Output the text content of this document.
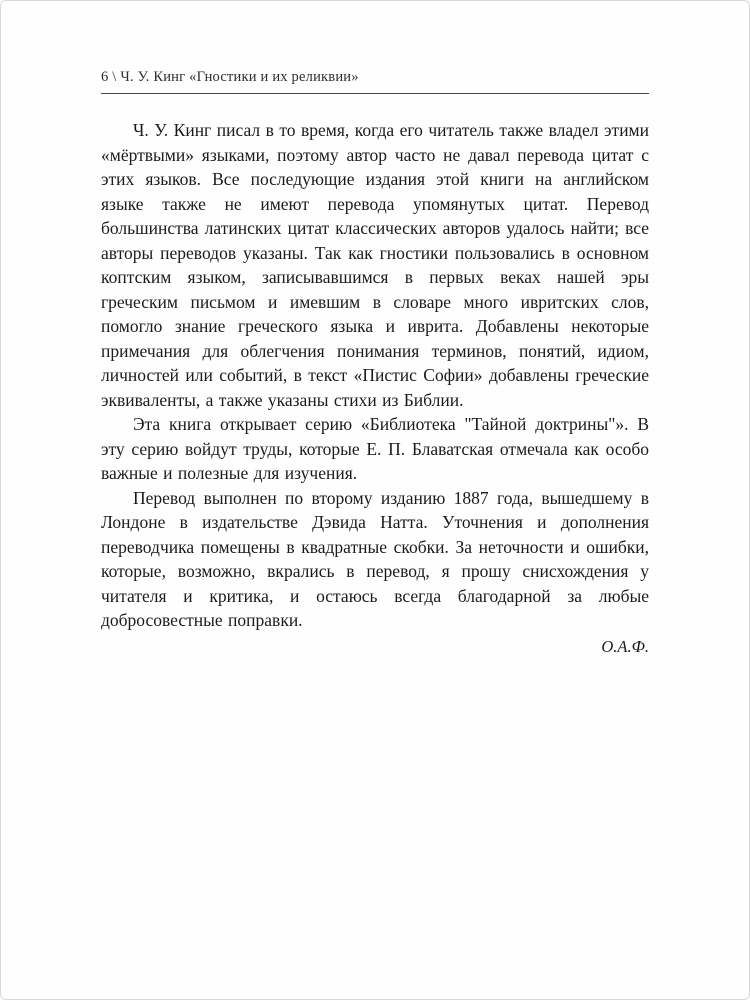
6 \ Ч. У. Кинг «Гностики и их реликвии»

Ч. У. Кинг писал в то время, когда его читатель также владел этими «мёртвыми» языками, поэтому автор часто не давал перевода цитат с этих языков. Все последующие издания этой книги на английском языке также не имеют перевода упомянутых цитат. Перевод большинства латинских цитат классических авторов удалось найти; все авторы переводов указаны. Так как гностики пользовались в основном коптским языком, записывавшимся в первых веках нашей эры греческим письмом и имевшим в словаре много ивритских слов, помогло знание греческого языка и иврита. Добавлены некоторые примечания для облегчения понимания терминов, понятий, идиом, личностей или событий, в текст «Пистис Софии» добавлены греческие эквиваленты, а также указаны стихи из Библии.

Эта книга открывает серию «Библиотека "Тайной доктрины"». В эту серию войдут труды, которые Е. П. Блаватская отмечала как особо важные и полезные для изучения.

Перевод выполнен по второму изданию 1887 года, вышедшему в Лондоне в издательстве Дэвида Натта. Уточнения и дополнения переводчика помещены в квадратные скобки. За неточности и ошибки, которые, возможно, вкрались в перевод, я прошу снисхождения у читателя и критика, и остаюсь всегда благодарной за любые добросовестные поправки.

О.А.Ф.
